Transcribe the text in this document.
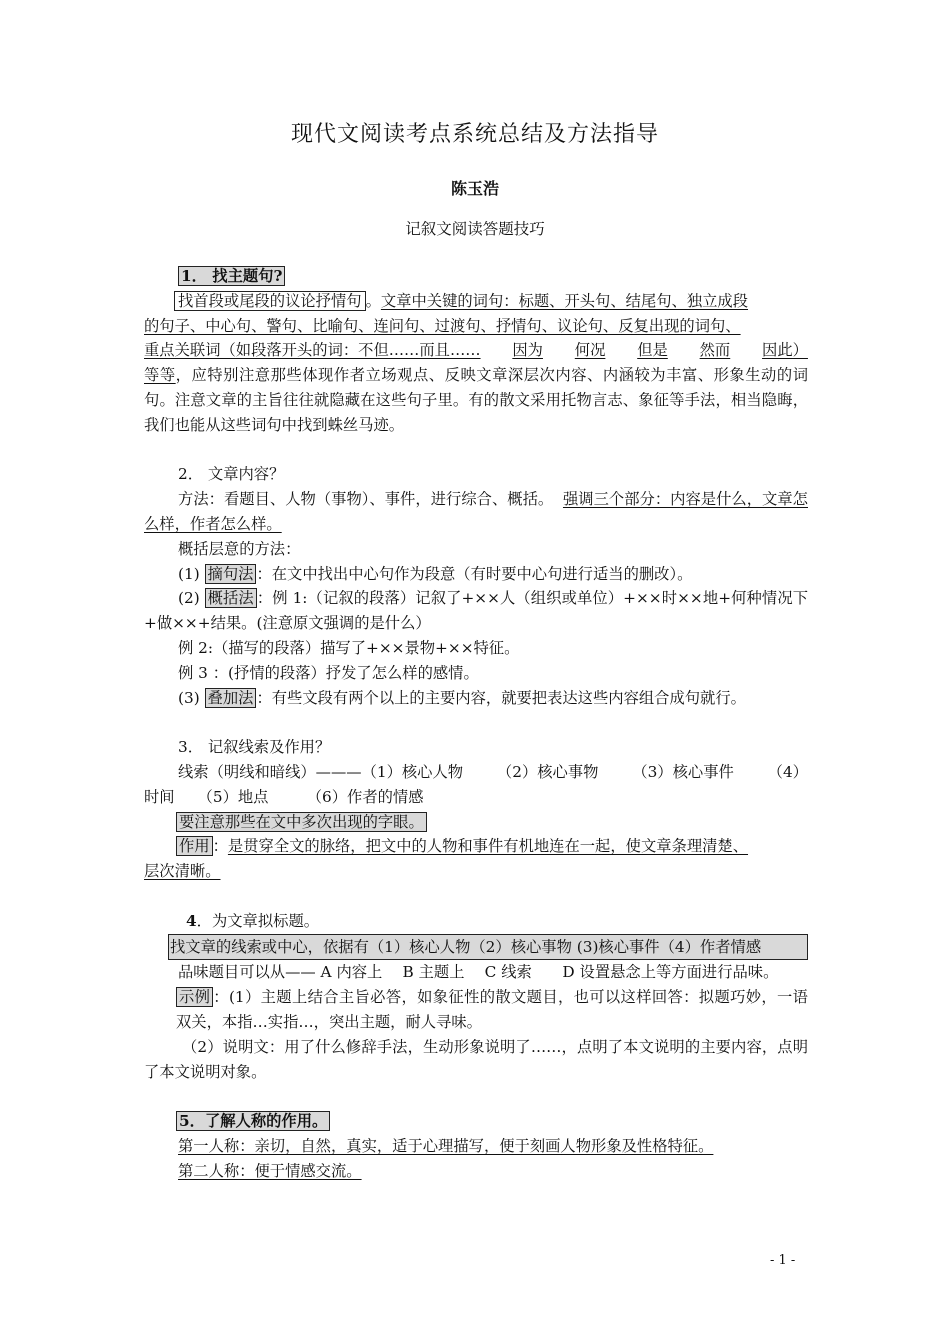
现代文阅读考点系统总结及方法指导
陈玉浩
记叙文阅读答题技巧

1． 找主题句?

找首段或尾段的议论抒情句 。文章中关键的词句：标题、开头句、结尾句、独立成段

的句子、中心句、警句、比喻句、连问句、过渡句、抒情句、议论句、反复出现的词句、

重点关联词（如段落开头的词：不但……而且…… 因为 何况 但是 然而 因此）

等等，应特别注意那些体现作者立场观点、反映文章深层次内容、内涵较为丰富、形象生动的词句。注意文章的主旨往往就隐藏在这些句子里。有的散文采用托物言志、象征等手法，相当隐晦，我们也能从这些词句中找到蛛丝马迹。

2． 文章内容？

方法：看题目、人物（事物）、事件，进行综合、概括。 强调三个部分：内容是什么，文章怎么样，作者怎么样。

概括层意的方法：

(1) 摘句法 ：在文中找出中心句作为段意（有时要中心句进行适当的删改）。

(2) 概括法 ：例 1:（记叙的段落）记叙了+××人（组织或单位）+××时××地+何种情况下+做××+结果。(注意原文强调的是什么）

例 2:（描写的段落）描写了+××景物+××特征。

例 3 ：(抒情的段落）抒发了怎么样的感情。

(3) 叠加法 ：有些文段有两个以上的主要内容，就要把表达这些内容组合成句就行。

3． 记叙线索及作用？

线索（明线和暗线）———（1）核心人物 （2）核心事物 （3）核心事件 （4）

时间　　（5）地点　　　（6）作者的情感

要注意那些在文中多次出现的字眼。

作用 ：是贯穿全文的脉络，把文中的人物和事件有机地连在一起，使文章条理清楚、

层次清晰。

4．为文章拟标题。

找文章的线索或中心，依据有（1）核心人物（2）核心事物 (3)核心事件（4）作者情感

品味题目可以从—— A 内容上　 B 主题上　 C 线索　　D 设置悬念上等方面进行品味。

示例 ：(1）主题上结合主旨必答，如象征性的散文题目，也可以这样回答：拟题巧妙，一语双关，本指…实指…，突出主题，耐人寻味。

（2）说明文：用了什么修辞手法，生动形象说明了……，点明了本文说明的主要内容，点明了本文说明对象。

5．了解人称的作用。

第一人称：亲切，自然，真实，适于心理描写，便于刻画人物形象及性格特征。

第二人称：便于情感交流。

- 1 -
